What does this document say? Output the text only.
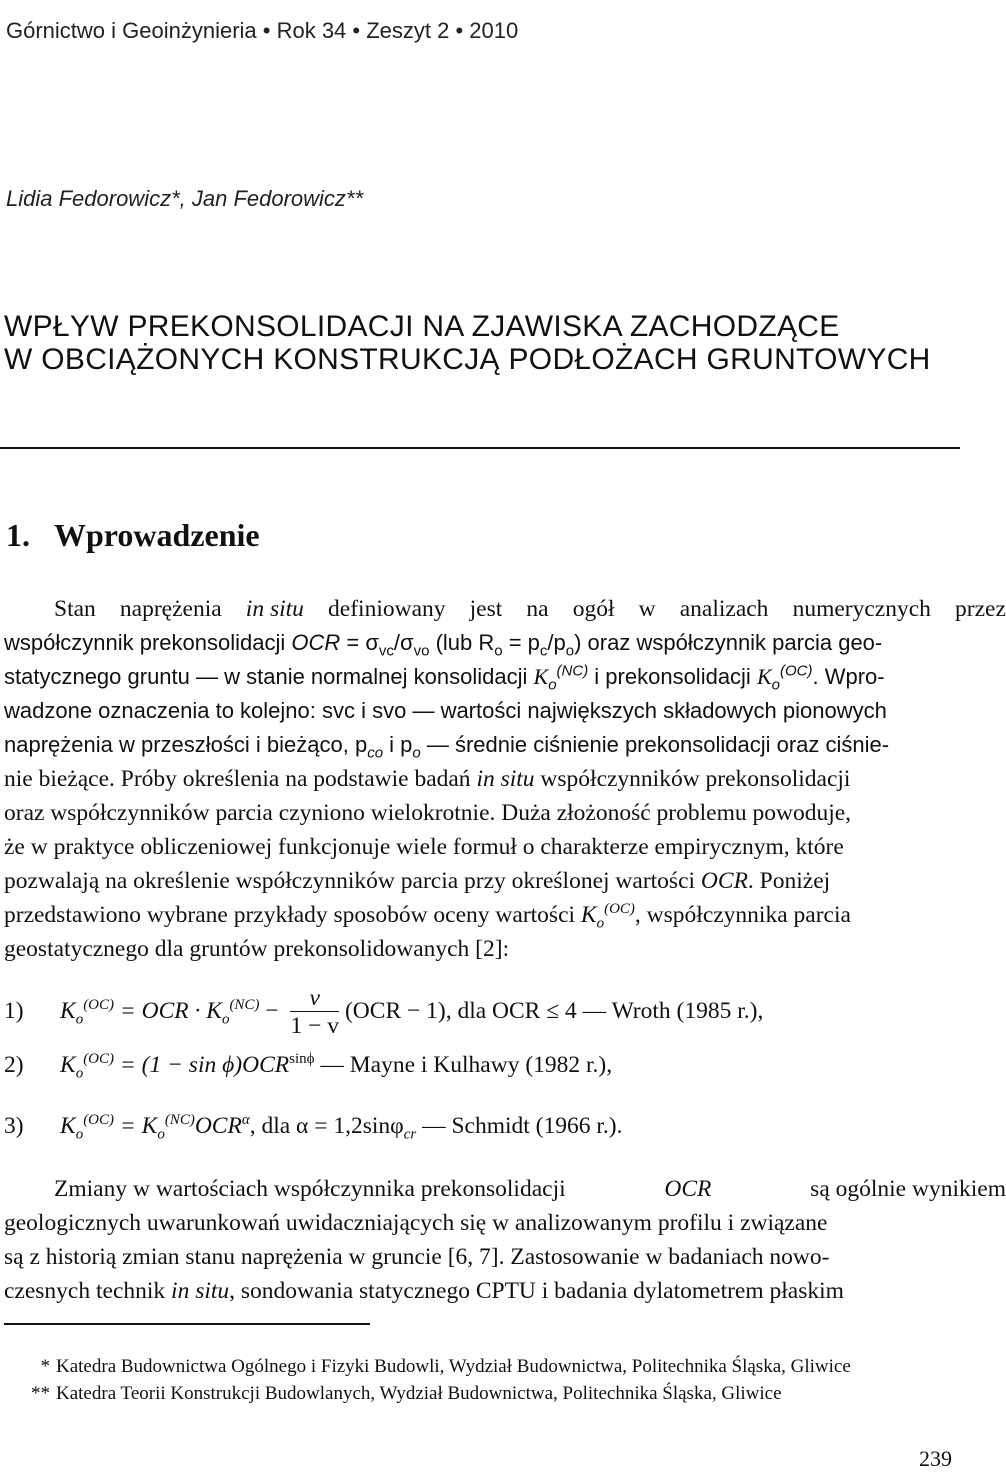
Górnictwo i Geoinżynieria • Rok 34 • Zeszyt 2 • 2010
Lidia Fedorowicz*, Jan Fedorowicz**
WPŁYW PREKONSOLIDACJI NA ZJAWISKA ZACHODZĄCE
W OBCIĄŻONYCH KONSTRUKCJĄ PODŁOŻACH GRUNTOWYCH
1. Wprowadzenie
Stan naprężenia in situ definiowany jest na ogół w analizach numerycznych przez
współczynnik prekonsolidacji OCR = $\sigma_{vc}/\sigma_{vo}$ (lub $R_o = p_c/p_o$) oraz współczynnik parcia geo-
statycznego gruntu — w stanie normalnej konsolidacji $K_o^{(NC)}$ i prekonsolidacji $K_o^{(OC)}$. Wpro-
wadzone oznaczenia to kolejno: svc i svo — wartości największych składowych pionowych
naprężenia w przeszłości i bieżąco, $p_{co}$ i $p_o$ — średnie ciśnienie prekonsolidacji oraz ciśnie-
nie bieżące. Próby określenia na podstawie badań in situ współczynników prekonsolidacji
oraz współczynników parcia czyniono wielokrotnie. Duża złożoność problemu powoduje,
że w praktyce obliczeniowej funkcjonuje wiele formuł o charakterze empirycznym, które
pozwalają na określenie współczynników parcia przy określonej wartości OCR. Poniżej
przedstawiono wybrane przykłady sposobów oceny wartości $K_o^{(OC)}$, współczynnika parcia
geostatycznego dla gruntów prekonsolidowanych [2]:
1) $K_o^{(OC)}$ = OCR · $K_o^{(NC)} - \frac{v}{1 - v} (OCR - 1)$, dla OCR ≤ 4 — Wroth (1985 r.),
2) $K_o^{(OC)} = (1 - \sin \phi)OCR^{sin\phi}$ — Mayne i Kulhawy (1982 r.),
3) $K_o^{(OC)} = K_o^{(NC)}OCR^\alpha$, dla α = 1,2sinφ$_{cr}$ — Schmidt (1966 r.).
Zmiany w wartościach współczynnika prekonsolidacji	OCR	są ogólnie wynikiem
geologicznych uwarunkowań uwidaczniających się w analizowanym profilu i związane
są z historią zmian stanu naprężenia w gruncie [6, 7]. Zastosowanie w badaniach nowo-
czesnych technik in situ, sondowania statycznego CPTU i badania dylatometrem płaskim
* Katedra Budownictwa Ogólnego i Fizyki Budowli, Wydział Budownictwa, Politechnika Śląska, Gliwice
** Katedra Teorii Konstrukcji Budowlanych, Wydział Budownictwa, Politechnika Śląska, Gliwice
239
